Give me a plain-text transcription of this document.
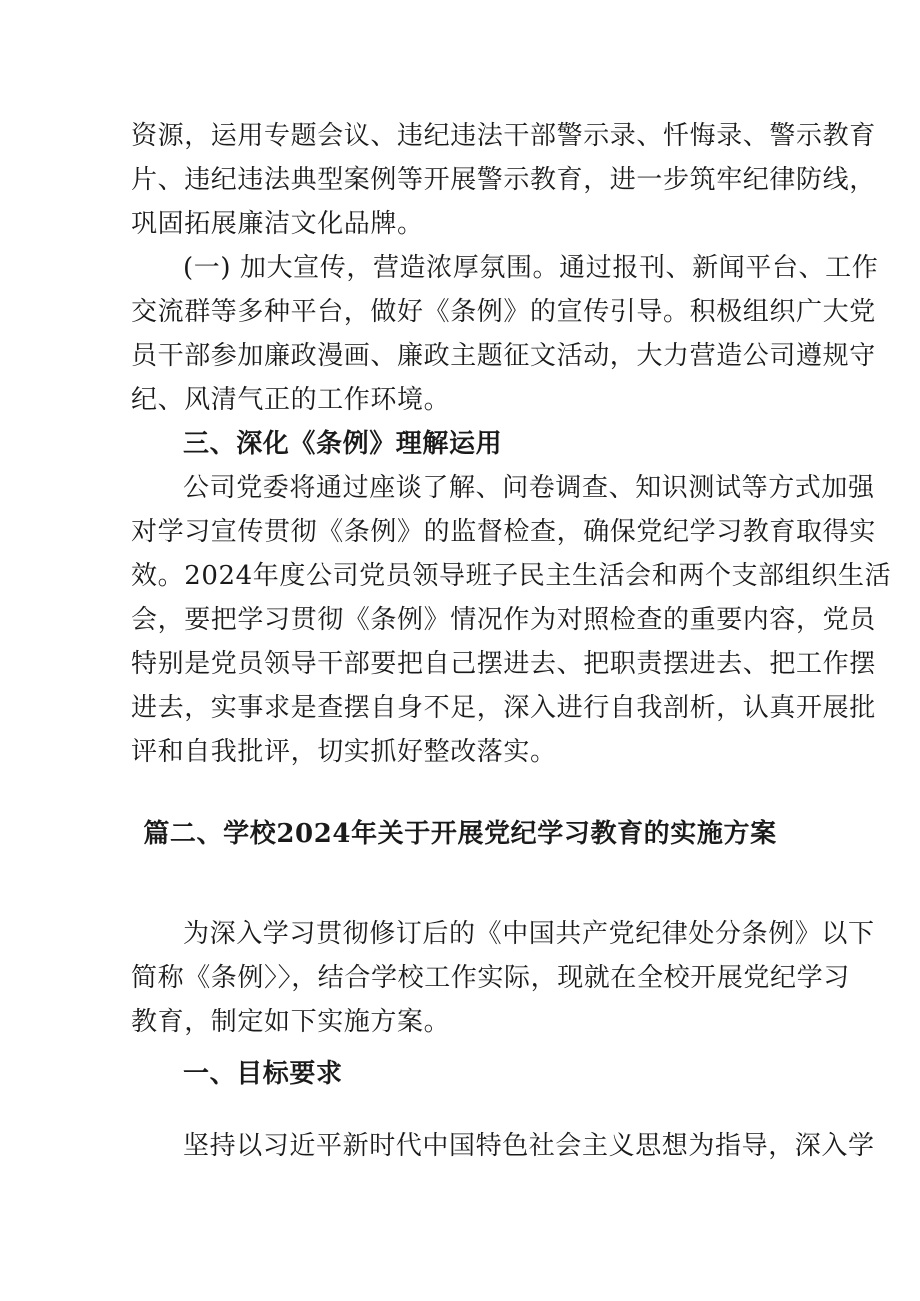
资源，运用专题会议、违纪违法干部警示录、忏悔录、警示教育
片、违纪违法典型案例等开展警示教育，进一步筑牢纪律防线，
巩固拓展廉洁文化品牌。
(一) 加大宣传，营造浓厚氛围。通过报刊、新闻平台、工作
交流群等多种平台，做好《条例》的宣传引导。积极组织广大党
员干部参加廉政漫画、廉政主题征文活动，大力营造公司遵规守
纪、风清气正的工作环境。
三、深化《条例》理解运用
公司党委将通过座谈了解、问卷调查、知识测试等方式加强
对学习宣传贯彻《条例》的监督检查，确保党纪学习教育取得实
效。2024年度公司党员领导班子民主生活会和两个支部组织生活
会，要把学习贯彻《条例》情况作为对照检查的重要内容，党员
特别是党员领导干部要把自己摆进去、把职责摆进去、把工作摆
进去，实事求是查摆自身不足，深入进行自我剖析，认真开展批
评和自我批评，切实抓好整改落实。
篇二、学校2024年关于开展党纪学习教育的实施方案
为深入学习贯彻修订后的《中国共产党纪律处分条例》以下
简称《条例〉〉，结合学校工作实际，现就在全校开展党纪学习
教育，制定如下实施方案。
一、目标要求
坚持以习近平新时代中国特色社会主义思想为指导，深入学
